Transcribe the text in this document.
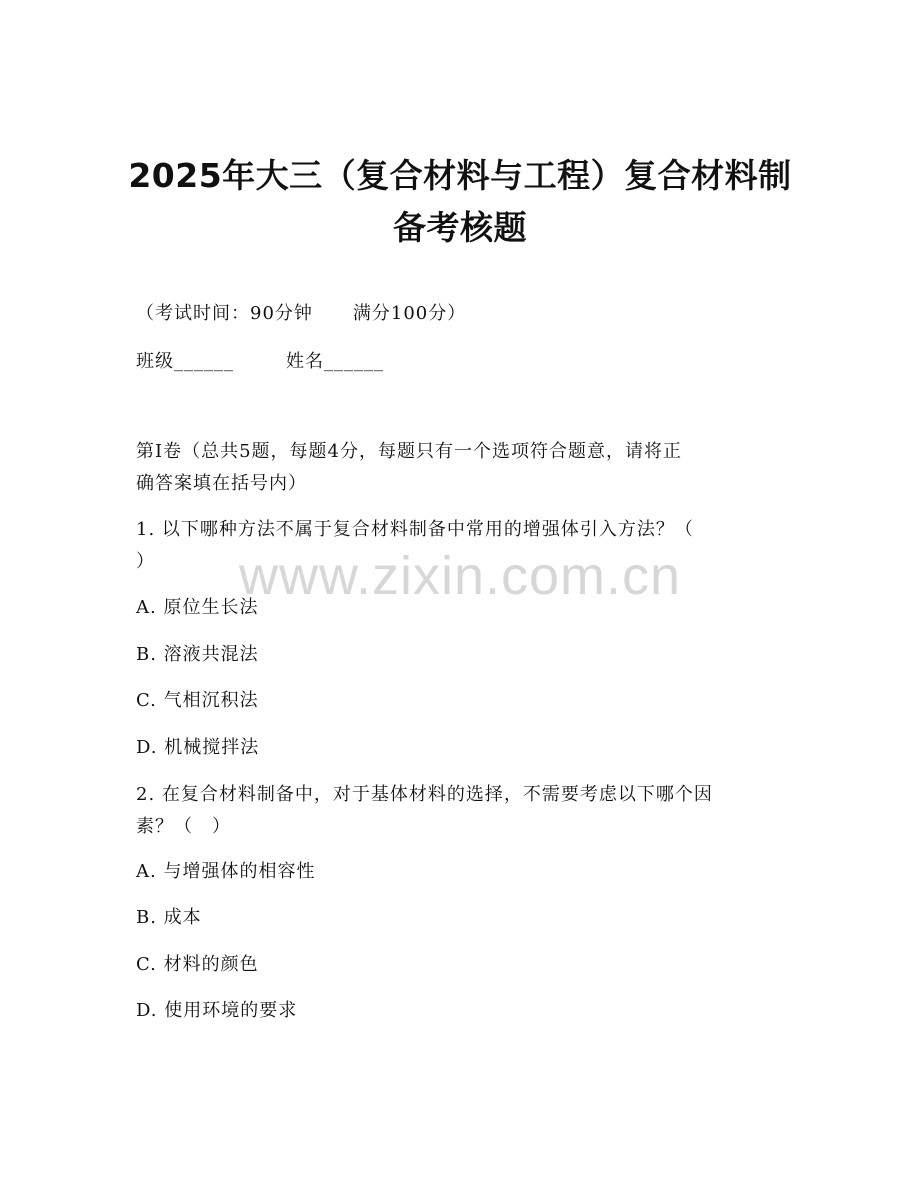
2025年大三（复合材料与工程）复合材料制
备考核题
（考试时间：90分钟 满分100分）
班级______	姓名______
第I卷（总共5题，每题4分，每题只有一个选项符合题意，请将正
确答案填在括号内）
1. 以下哪种方法不属于复合材料制备中常用的增强体引入方法？（
）
A. 原位生长法
B. 溶液共混法
C. 气相沉积法
D. 机械搅拌法
2. 在复合材料制备中，对于基体材料的选择，不需要考虑以下哪个因
素？（　）
A. 与增强体的相容性
B. 成本
C. 材料的颜色
D. 使用环境的要求
www.zixin.com.cn
